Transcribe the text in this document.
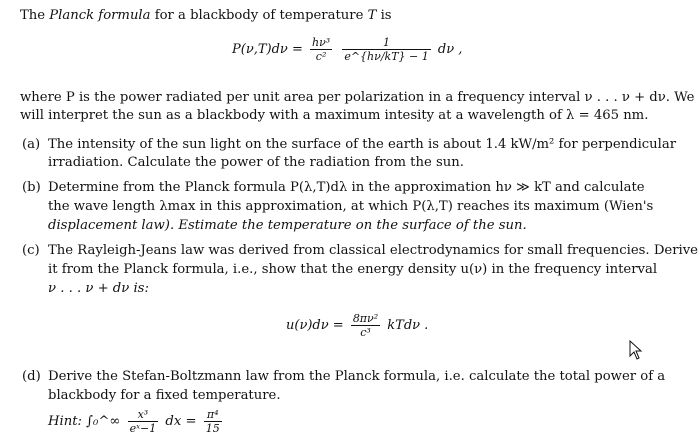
The Planck formula for a blackbody of temperature T is
$P(\nu,T)d\nu = \frac{\text{hν³}}{\text{c²}}$
$\frac{1}{e\^{}\{h\nu/kT\} - 1}$ dν ,
where P is the power radiated per unit area per polarization in a frequency interval ν . . . ν + dν. We
will interpret the sun as a blackbody with a maximum intesity at a wavelength of λ = 465 nm.
(a) The intensity of the sun light on the surface of the earth is about 1.4 kW/m² for perpendicular
irradiation. Calculate the power of the radiation from the sun.
(b) Determine from the Planck formula P(λ,T)dλ in the approximation hν ≫ kT and calculate
the wave length λmax in this approximation, at which P(λ,T) reaches its maximum (Wien's
displacement law). Estimate the temperature on the surface of the sun.
(c) The Rayleigh-Jeans law was derived from classical electrodynamics for small frequencies. Derive
it from the Planck formula, i.e., show that the energy density u(ν) in the frequency interval
ν . . . ν + dν is:
$u(\nu)d\nu = \frac{\text{8πν²}}{\text{c³}}$ kTdν .
(d) Derive the Stefan-Boltzmann law from the Planck formula, i.e. calculate the total power of a
blackbody for a fixed temperature.
Hint: ∫₀^∞ $\frac{\text{x³}}{\text{eˣ−1}}$ dx = $\frac{\text{π⁴}}{15}$
